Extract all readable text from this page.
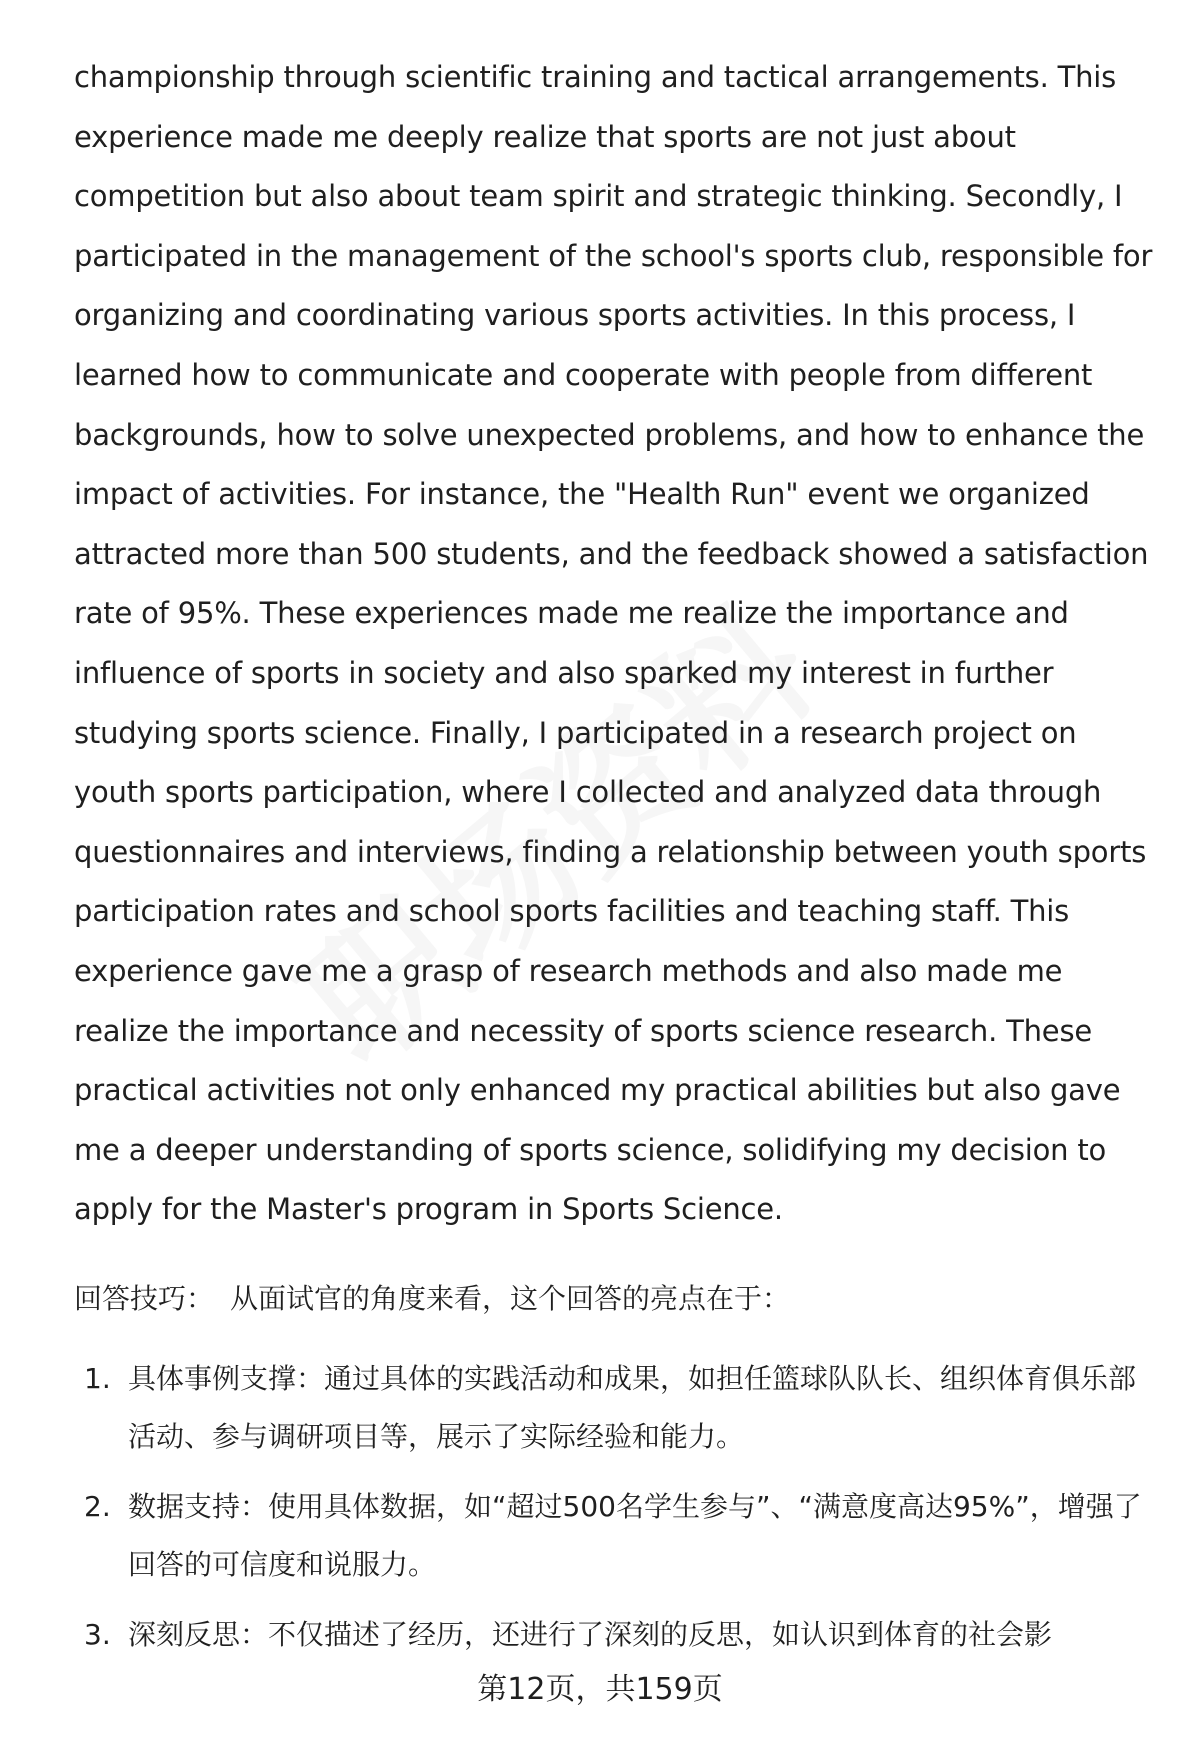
championship through scientific training and tactical arrangements. This experience made me deeply realize that sports are not just about competition but also about team spirit and strategic thinking. Secondly, I participated in the management of the school's sports club, responsible for organizing and coordinating various sports activities. In this process, I learned how to communicate and cooperate with people from different backgrounds, how to solve unexpected problems, and how to enhance the impact of activities. For instance, the "Health Run" event we organized attracted more than 500 students, and the feedback showed a satisfaction rate of 95%. These experiences made me realize the importance and influence of sports in society and also sparked my interest in further studying sports science. Finally, I participated in a research project on youth sports participation, where I collected and analyzed data through questionnaires and interviews, finding a relationship between youth sports participation rates and school sports facilities and teaching staff. This experience gave me a grasp of research methods and also made me realize the importance and necessity of sports science research. These practical activities not only enhanced my practical abilities but also gave me a deeper understanding of sports science, solidifying my decision to apply for the Master's program in Sports Science.

回答技巧： 从面试官的角度来看，这个回答的亮点在于：
1. 具体事例支撑：通过具体的实践活动和成果，如担任篮球队队长、组织体育俱乐部活动、参与调研项目等，展示了实际经验和能力。
2. 数据支持：使用具体数据，如“超过500名学生参与”、“满意度高达95%”，增强了回答的可信度和说服力。
3. 深刻反思：不仅描述了经历，还进行了深刻的反思，如认识到体育的社会影
第12页，共159页
